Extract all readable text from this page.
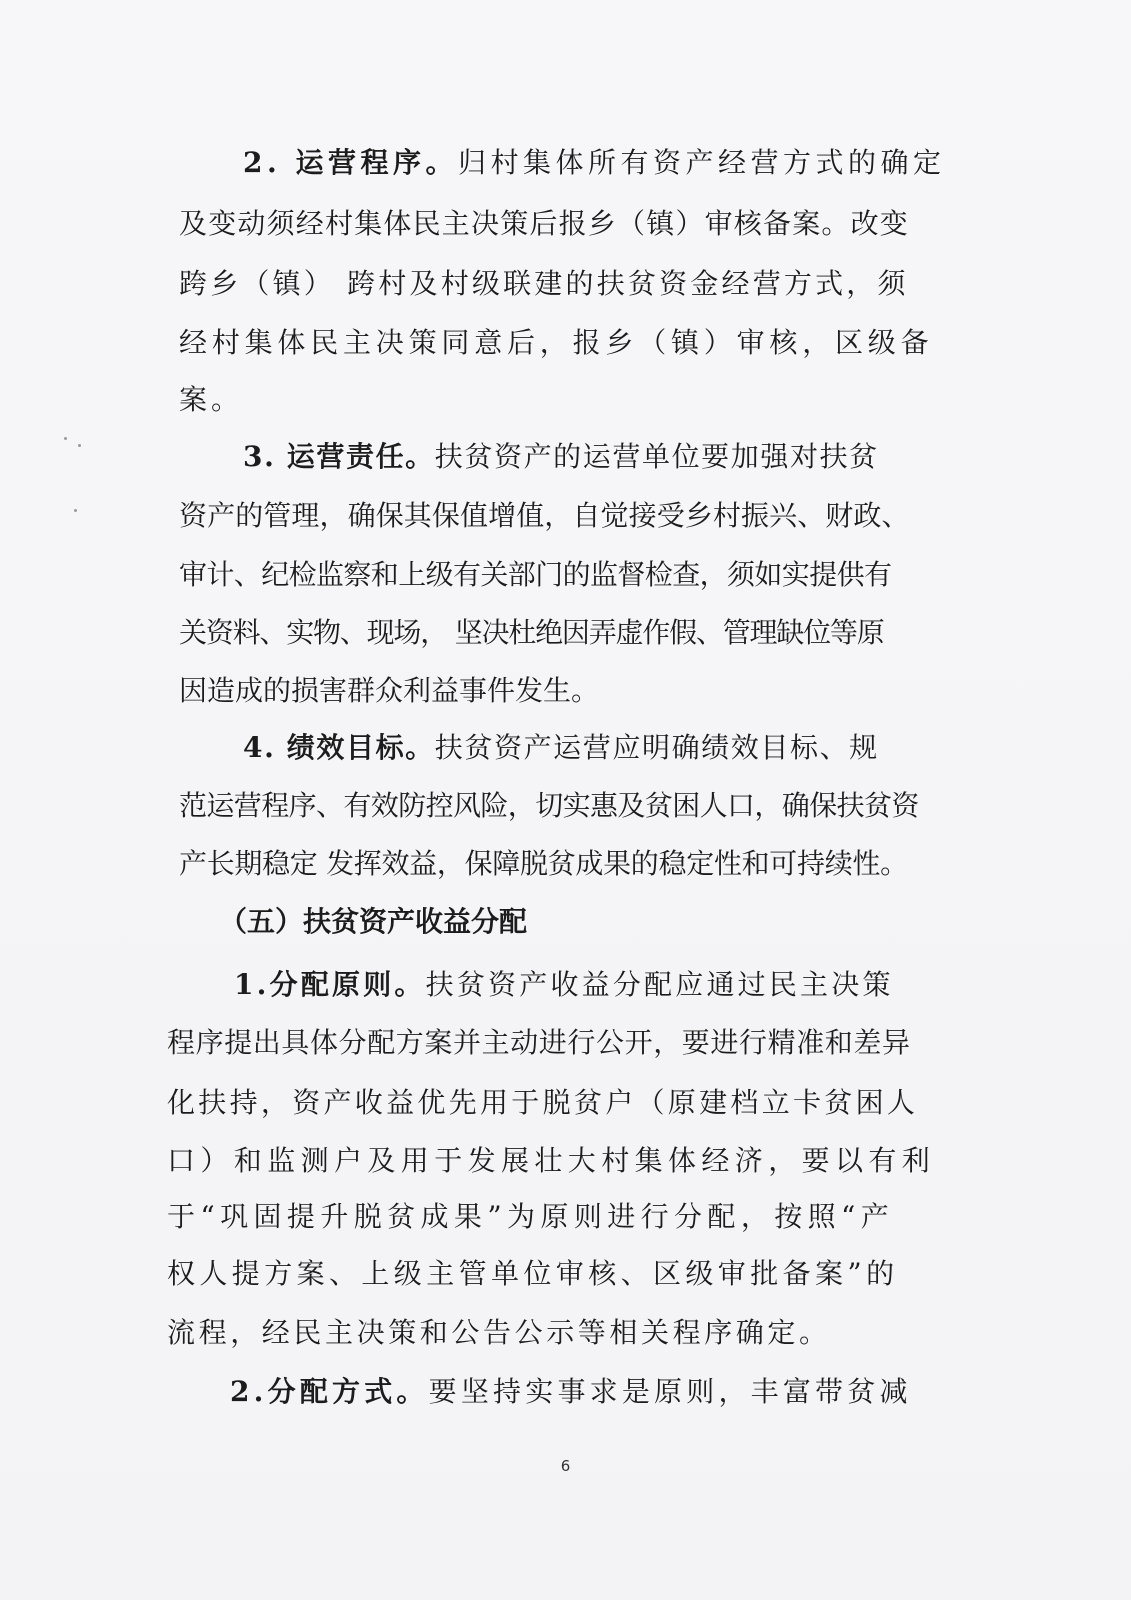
2. 运营程序。归村集体所有资产经营方式的确定

及变动须经村集体民主决策后报乡（镇）审核备案。改变

跨乡（镇） 跨村及村级联建的扶贫资金经营方式，须

经村集体民主决策同意后，报乡（镇）审核，区级备

案。

3. 运营责任。扶贫资产的运营单位要加强对扶贫

资产的管理，确保其保值增值，自觉接受乡村振兴、财政、

审计、纪检监察和上级有关部门的监督检查，须如实提供有

关资料、实物、现场， 坚决杜绝因弄虚作假、管理缺位等原

因造成的损害群众利益事件发生。

4. 绩效目标。扶贫资产运营应明确绩效目标、规

范运营程序、有效防控风险，切实惠及贫困人口，确保扶贫资

产长期稳定 发挥效益，保障脱贫成果的稳定性和可持续性。

（五）扶贫资产收益分配

1.分配原则。扶贫资产收益分配应通过民主决策

程序提出具体分配方案并主动进行公开，要进行精准和差异

化扶持，资产收益优先用于脱贫户（原建档立卡贫困人

口）和监测户及用于发展壮大村集体经济，要以有利

于“巩固提升脱贫成果”为原则进行分配，按照“产

权人提方案、上级主管单位审核、区级审批备案”的

流程，经民主决策和公告公示等相关程序确定。

2.分配方式。要坚持实事求是原则，丰富带贫减

6
